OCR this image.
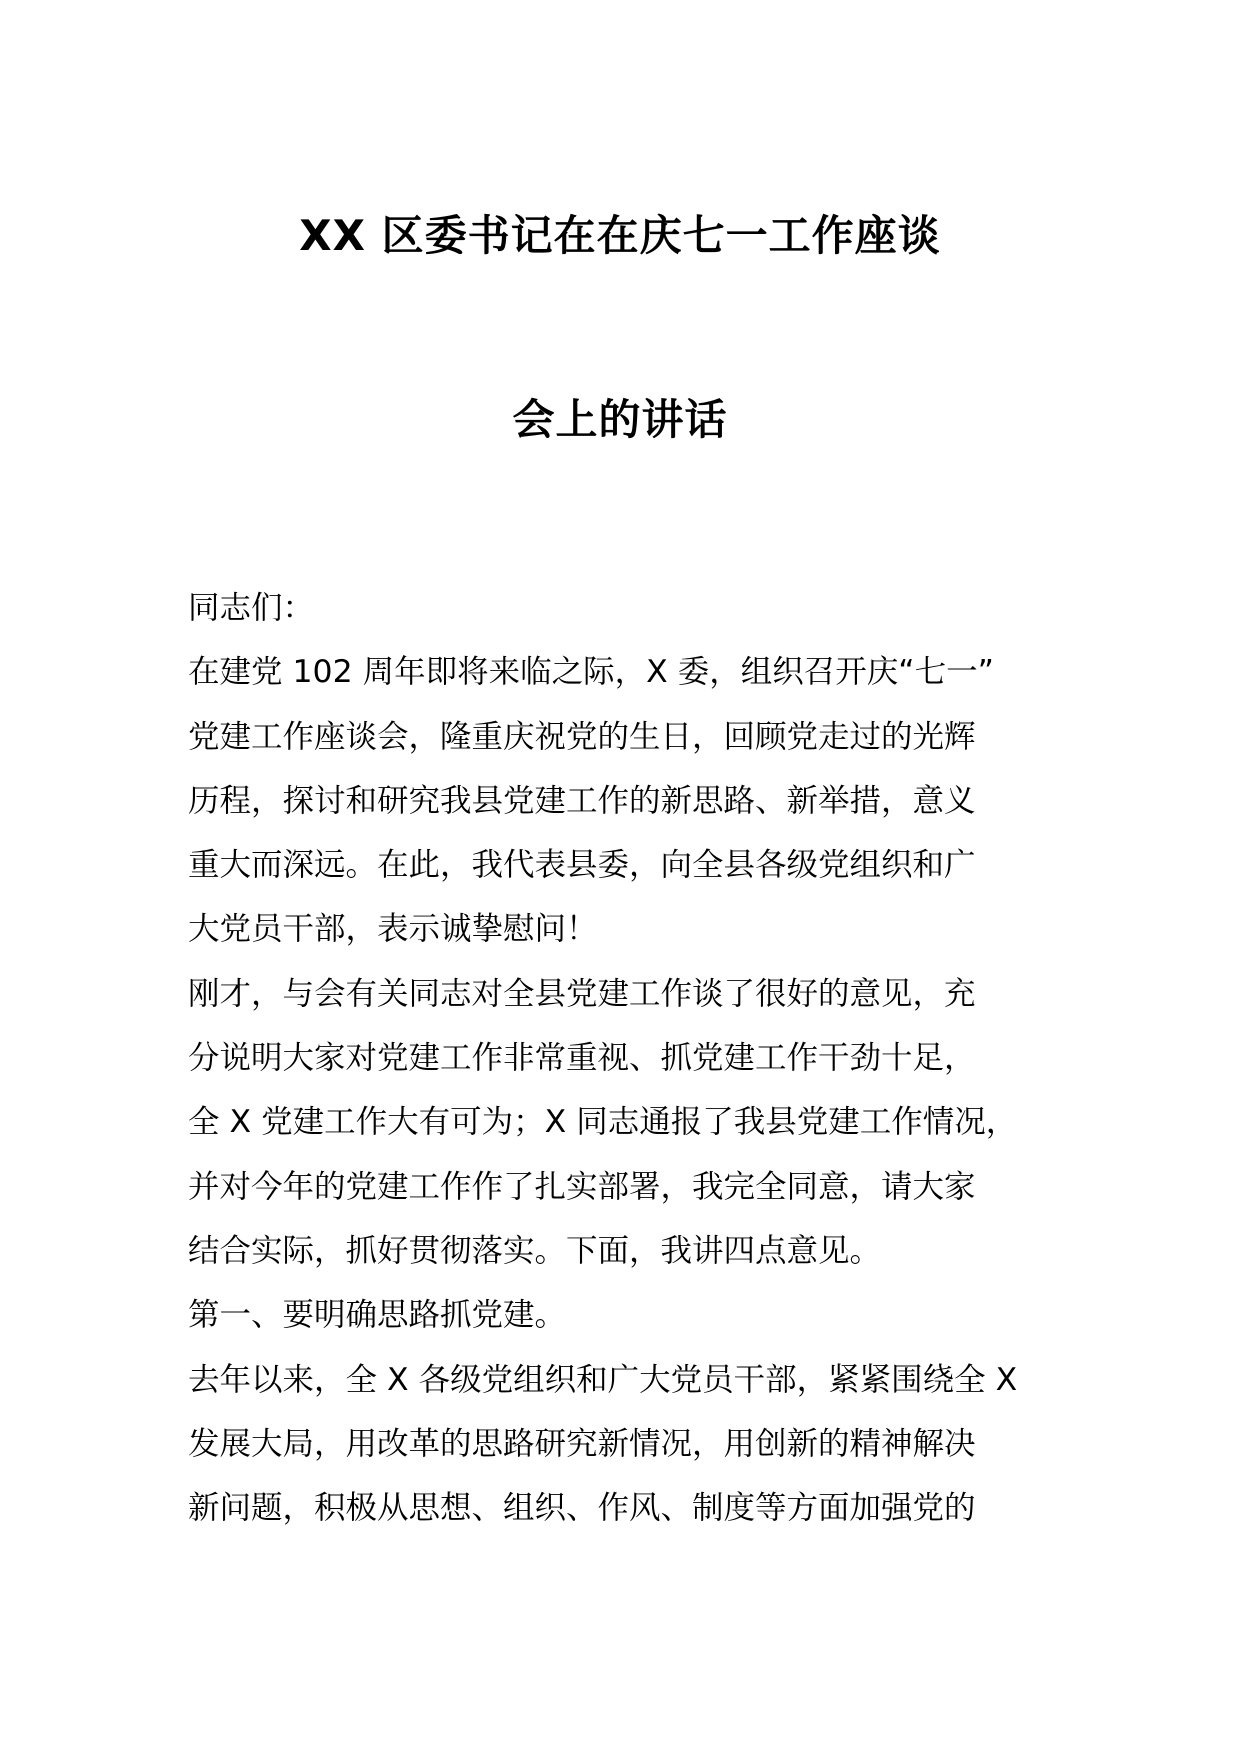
XX 区委书记在在庆七一工作座谈
会上的讲话
同志们：
在建党 102 周年即将来临之际，X 委，组织召开庆“七一”
党建工作座谈会，隆重庆祝党的生日，回顾党走过的光辉
历程，探讨和研究我县党建工作的新思路、新举措，意义
重大而深远。在此，我代表县委，向全县各级党组织和广
大党员干部，表示诚挚慰问！
刚才，与会有关同志对全县党建工作谈了很好的意见，充
分说明大家对党建工作非常重视、抓党建工作干劲十足，
全 X 党建工作大有可为；X 同志通报了我县党建工作情况，
并对今年的党建工作作了扎实部署，我完全同意，请大家
结合实际，抓好贯彻落实。下面，我讲四点意见。
第一、要明确思路抓党建。
去年以来，全 X 各级党组织和广大党员干部，紧紧围绕全 X
发展大局，用改革的思路研究新情况，用创新的精神解决
新问题，积极从思想、组织、作风、制度等方面加强党的
